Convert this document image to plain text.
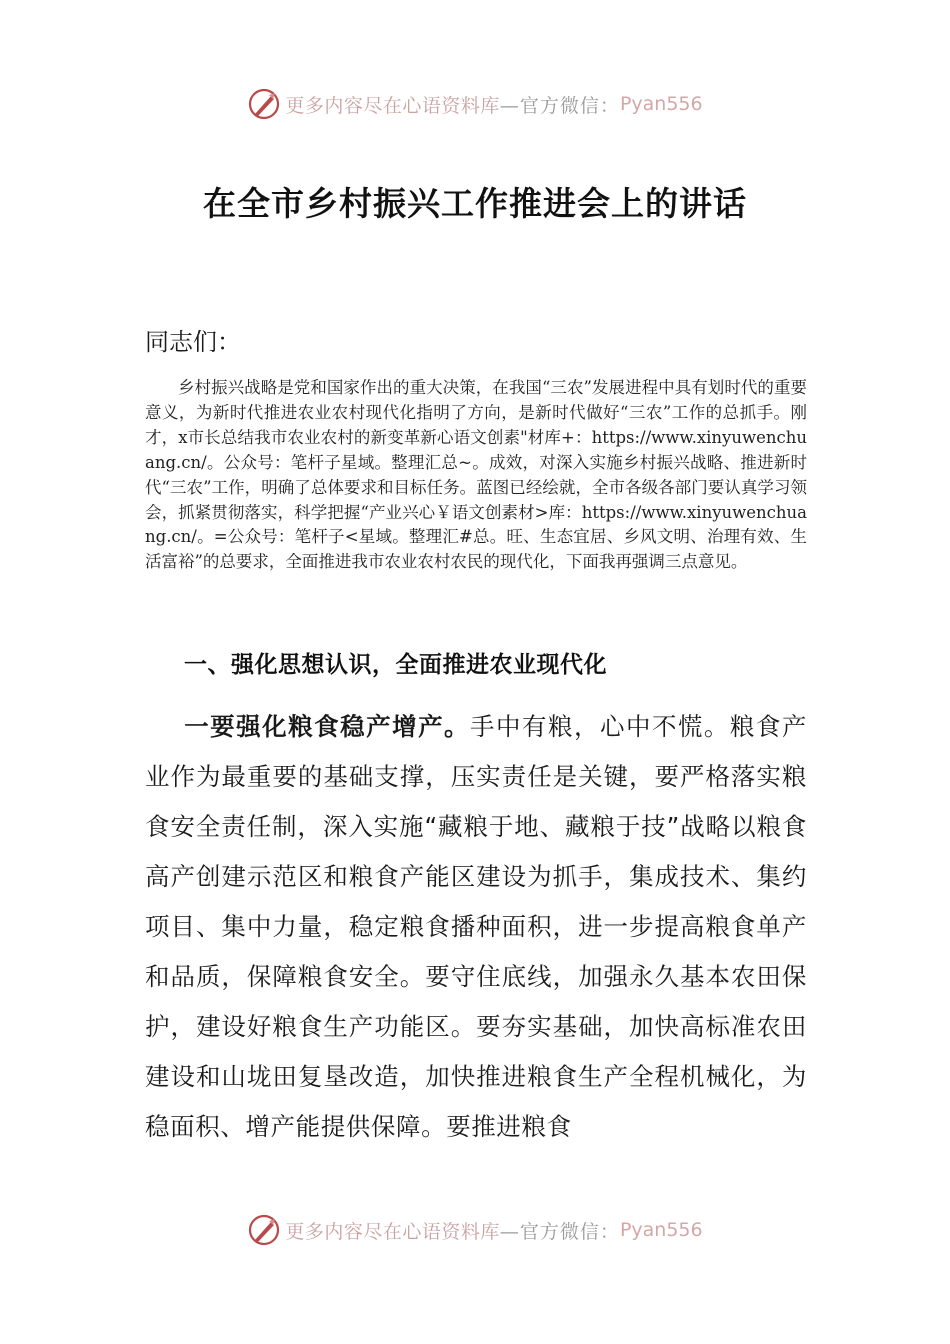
更多内容尽在心语资料库 —官方微信： Pyan556
在全市乡村振兴工作推进会上的讲话
同志们：
乡村振兴战略是党和国家作出的重大决策，在我国“三农”发展进程中具有划时代的重要意义，为新时代推进农业农村现代化指明了方向，是新时代做好“三农”工作的总抓手。刚才，x市长总结我市农业农村的新变革新心语文创素"材库+：https://www.xinyuwenchuang.cn/。公众号：笔杆子星域。整理汇总~。成效，对深入实施乡村振兴战略、推进新时代“三农”工作，明确了总体要求和目标任务。蓝图已经绘就，全市各级各部门要认真学习领会，抓紧贯彻落实，科学把握“产业兴心￥语文创素材>库：https://www.xinyuwenchuang.cn/。=公众号：笔杆子<星域。整理汇#总。旺、生态宜居、乡风文明、治理有效、生活富裕”的总要求，全面推进我市农业农村农民的现代化，下面我再强调三点意见。
一、强化思想认识，全面推进农业现代化
一要强化粮食稳产增产。手中有粮，心中不慌。粮食产业作为最重要的基础支撑，压实责任是关键，要严格落实粮食安全责任制，深入实施“藏粮于地、藏粮于技”战略以粮食高产创建示范区和粮食产能区建设为抓手，集成技术、集约项目、集中力量，稳定粮食播种面积，进一步提高粮食单产和品质，保障粮食安全。要守住底线，加强永久基本农田保护，建设好粮食生产功能区。要夯实基础，加快高标准农田建设和山垅田复垦改造，加快推进粮食生产全程机械化，为稳面积、增产能提供保障。要推进粮食
更多内容尽在心语资料库 —官方微信： Pyan556
